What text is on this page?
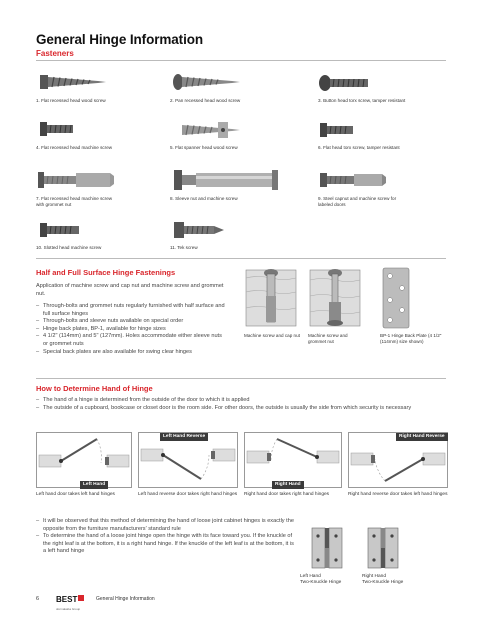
General Hinge Information
Fasteners
1. Flat recessed head wood screw	2. Pan recessed head wood screw	3. Button head torx screw, tamper resistant
4. Flat recessed head machine screw	5. Flat spanner head wood screw	6. Flat head torx screw, tamper resistant
7. Flat recessed head machine screw
with grommet nut
8. Sleeve nut and machine screw	9. Steel capnut and machine screw for
labeled doors
10. Slotted head machine screw	11. Tek screw
Half and Full Surface Hinge Fastenings
Application of machine screw and cap nut and machine screw and grommet nut.
– Through-bolts and grommet nuts regularly furnished with half surface and full surface hinges
– Through-bolts and sleeve nuts available on special order
– Hinge back plates, BP-1, available for hinge sizes
– 4 1/2" (114mm) and 5" (127mm). Holes accommodate either sleeve nuts or grommet nuts
– Special back plates are also available for swing clear hinges
Machine screw and cap nut Machine screw and grommet nut
BP-1 Hinge Back Plate (4 1/2" (114mm) size shown)
How to Determine Hand of Hinge
– The hand of a hinge is determined from the outside of the door to which it is applied
– The outside of a cupboard, bookcase or closet door is the room side. For other doors, the outside is usually the side from which security is necessary
Left Hand
Left Hand Reverse
Right Hand
Right Hand Reverse
Left hand door takes left hand hinges	Left hand reverse door takes right hand hinges Right hand door takes right hand hinges	Right hand reverse door takes left hand hinges
– It will be observed that this method of determining the hand of loose joint cabinet hinges is exactly the opposite from the furniture manufacturers' standard rule
– To determine the hand of a loose joint hinge open the hinge with its face toward you. If the knuckle of the right leaf is at the bottom, it is a right hand hinge. If the knuckle of the left leaf is at the bottom, it is a left hand hinge
Left Hand
Two-Knuckle Hinge
Right Hand
Two-Knuckle Hinge
6 BEST
dormakaba Group
General Hinge Information
